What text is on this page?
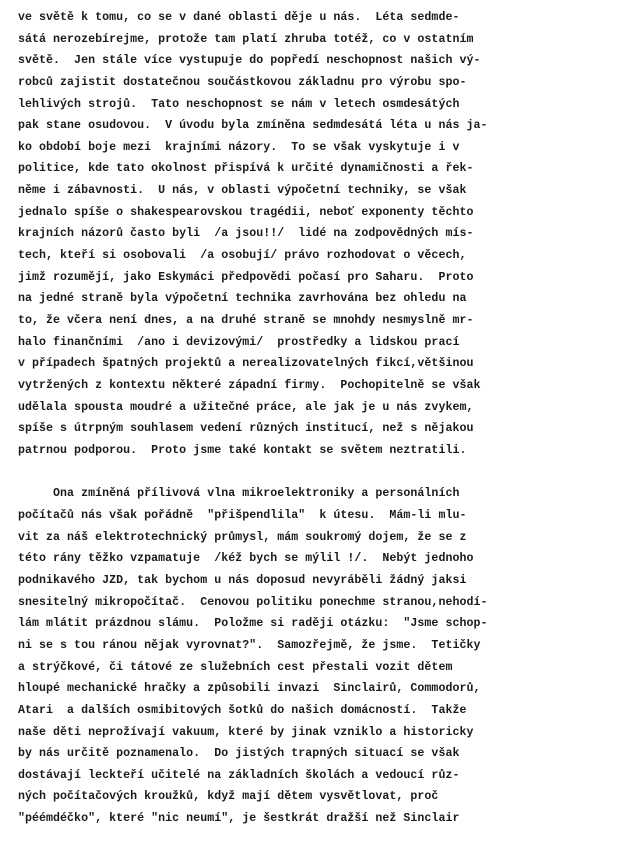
ve světě k tomu, co se v dané oblasti děje u nás.  Léta sedmde-
sátá nerozebírejme, protože tam platí zhruba totéž, co v ostatním
světě.  Jen stále více vystupuje do popředí neschopnost našich vý-
robců zajistit dostatečnou součástkovou základnu pro výrobu spo-
lehlivých strojů.  Tato neschopnost se nám v letech osmdesátých
pak stane osudovou.  V úvodu byla zmíněna sedmdesátá léta u nás ja-
ko období boje mezi  krajními názory.  To se však vyskytuje i v
politice, kde tato okolnost přispívá k určité dynamičnosti a řek-
něme i zábavnosti.  U nás, v oblasti výpočetní techniky, se však
jednalo spíše o shakespearovskou tragédii, neboť exponenty těchto
krajních názorů často byli  /a jsou!!/  lidé na zodpovědných mís-
tech, kteří si osobovali  /a osobují/ právo rozhodovat o věcech,
jimž rozumějí, jako Eskymáci předpovědi počasí pro Saharu.  Proto
na jedné straně byla výpočetní technika zavrhována bez ohledu na
to, že včera není dnes, a na druhé straně se mnohdy nesmyslně mr-
halo finančními  /ano i devizovými/  prostředky a lidskou prací
v případech špatných projektů a nerealizovatelných fikcí,většinou
vytržených z kontextu některé západní firmy.  Pochopitelně se však
udělala spousta moudré a užitečné práce, ale jak je u nás zvykem,
spíše s útrpným souhlasem vedení různých institucí, než s nějakou
patrnou podporou.  Proto jsme také kontakt se světem neztratili.
Ona zmíněná přílivová vlna mikroelektroniky a personálních
počítačů nás však pořádně  "přišpendlila"  k útesu.  Mám-li mlu-
vit za náš elektrotechnický průmysl, mám soukromý dojem, že se z
této rány těžko vzpamatuje  /kéž bych se mýlil !/.  Nebýt jednoho
podnikavého JZD, tak bychom u nás doposud nevyráběli žádný jaksi
snesitelný mikropočítač.  Cenovou politiku ponechme stranou,nehodí-
lám mlátit prázdnou slámu.  Položme si raději otázku:  "Jsme schop-
ni se s tou ránou nějak vyrovnat?".  Samozřejmě, že jsme.  Tetičky
a strýčkové, či tátové ze služebních cest přestali vozit dětem
hloupé mechanické hračky a způsobili invazi  Sinclairů, Commodorů,
Atari  a dalších osmibitových šotků do našich domácností.  Takže
naše děti neprožívají vakuum, které by jinak vzniklo a historicky
by nás určitě poznamenalo.  Do jistých trapných situací se však
dostávají leckteří učitelé na základních školách a vedoucí růz-
ných počítačových kroužků, když mají dětem vysvětlovat, proč
"péémdéčko", které "nic neumí", je šestkrát dražší než Sinclair
